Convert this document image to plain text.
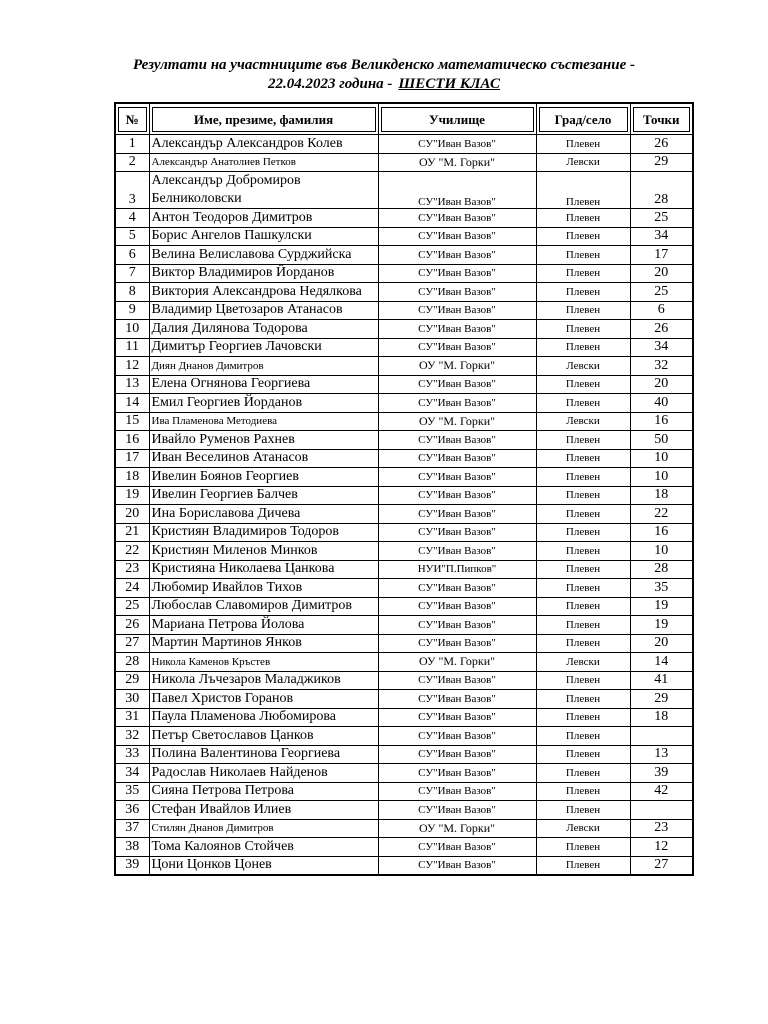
Резултати на участниците във Великденско математическо състезание -
22.04.2023 година - ШЕСТИ КЛАС
№	Име, презиме, фамилия	Училище	Град/село	Точки

1	Александър Александров Колев	СУ"Иван Вазов"	Плевен	26
2	Александър Анатолиев Петков	ОУ "М. Горки"	Левски	29
3	Александър Добромиров Белниколовски	СУ"Иван Вазов"	Плевен	28
4	Антон Теодоров Димитров	СУ"Иван Вазов"	Плевен	25
5	Борис Ангелов Пашкулски	СУ"Иван Вазов"	Плевен	34
6	Велина Велиславова Сурджийска	СУ"Иван Вазов"	Плевен	17
7	Виктор Владимиров Йорданов	СУ"Иван Вазов"	Плевен	20
8	Виктория Александрова Недялкова	СУ"Иван Вазов"	Плевен	25
9	Владимир Цветозаров Атанасов	СУ"Иван Вазов"	Плевен	6
10	Далия Дилянова Тодорова	СУ"Иван Вазов"	Плевен	26
11	Димитър Георгиев Лачовски	СУ"Иван Вазов"	Плевен	34
12	Диян Днанов Димитров	ОУ "М. Горки"	Левски	32
13	Елена Огнянова Георгиева	СУ"Иван Вазов"	Плевен	20
14	Емил Георгиев Йорданов	СУ"Иван Вазов"	Плевен	40
15	Ива Пламенова Методиева	ОУ "М. Горки"	Левски	16
16	Ивайло Руменов Рахнев	СУ"Иван Вазов"	Плевен	50
17	Иван Веселинов Атанасов	СУ"Иван Вазов"	Плевен	10
18	Ивелин Боянов Георгиев	СУ"Иван Вазов"	Плевен	10
19	Ивелин Георгиев Балчев	СУ"Иван Вазов"	Плевен	18
20	Ина Бориславова Дичева	СУ"Иван Вазов"	Плевен	22
21	Кристиян Владимиров Тодоров	СУ"Иван Вазов"	Плевен	16
22	Кристиян Миленов Минков	СУ"Иван Вазов"	Плевен	10
23	Кристияна Николаева Цанкова	НУИ"П.Пипков"	Плевен	28
24	Любомир Ивайлов Тихов	СУ"Иван Вазов"	Плевен	35
25	Любослав Славомиров Димитров	СУ"Иван Вазов"	Плевен	19
26	Мариана Петрова Йолова	СУ"Иван Вазов"	Плевен	19
27	Мартин Мартинов Янков	СУ"Иван Вазов"	Плевен	20
28	Никола Каменов Кръстев	ОУ "М. Горки"	Левски	14
29	Никола Лъчезаров Маладжиков	СУ"Иван Вазов"	Плевен	41
30	Павел Христов Горанов	СУ"Иван Вазов"	Плевен	29
31	Паула Пламенова Любомирова	СУ"Иван Вазов"	Плевен	18
32	Петър Светославов Цанков	СУ"Иван Вазов"	Плевен	
33	Полина Валентинова Георгиева	СУ"Иван Вазов"	Плевен	13
34	Радослав Николаев Найденов	СУ"Иван Вазов"	Плевен	39
35	Сияна Петрова Петрова	СУ"Иван Вазов"	Плевен	42
36	Стефан Ивайлов Илиев	СУ"Иван Вазов"	Плевен	
37	Стилян Днанов Димитров	ОУ "М. Горки"	Левски	23
38	Тома Калоянов Стойчев	СУ"Иван Вазов"	Плевен	12
39	Цони Цонков Цонев	СУ"Иван Вазов"	Плевен	27
